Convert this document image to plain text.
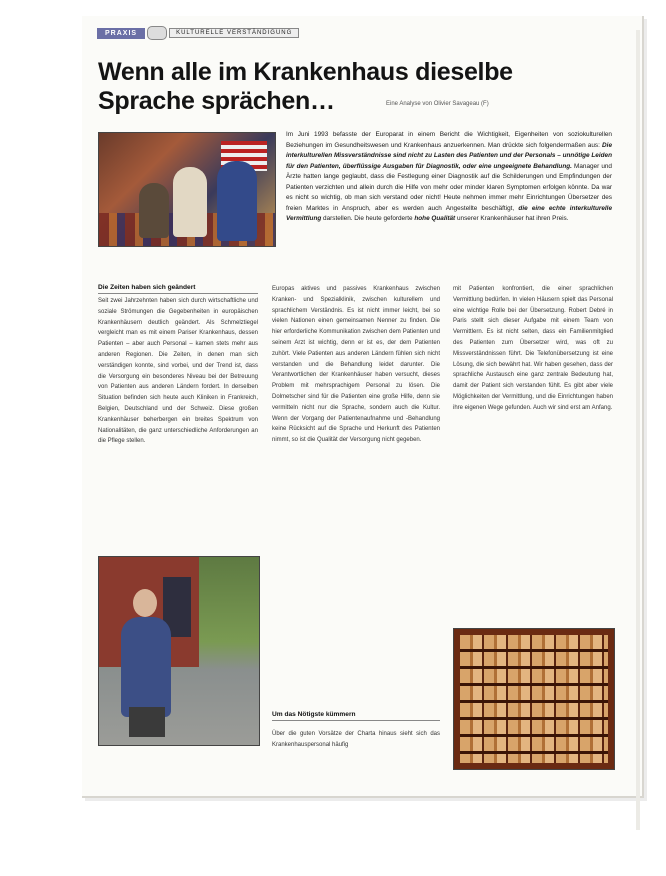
PRAXIS	KULTURELLE VERSTÄNDIGUNG
Wenn alle im Krankenhaus dieselbe
Sprache sprächen…	Eine Analyse von Olivier Savageau (F)
Im Juni 1993 befasste der Europarat in einem Bericht die Wichtigkeit, Eigenheiten von soziokulturellen Beziehungen im Gesundheitswesen und Krankenhaus anzuerkennen. Man drückte sich folgendermaßen aus: Die interkulturellen Missverständnisse sind nicht zu Lasten des Patienten und der Personals – unnötige Leiden für den Patienten, überflüssige Ausgaben für Diagnostik, oder eine ungeeignete Behandlung. Manager und Ärzte hatten lange geglaubt, dass die Festlegung einer Diagnostik auf die Schilderungen und Empfindungen der Patienten verzichten und allein durch die Hilfe von mehr oder minder klaren Symptomen erfolgen könnte. Da war es nicht so wichtig, ob man sich verstand oder nicht! Heute nehmen immer mehr Einrichtungen Übersetzer des freien Marktes in Anspruch, aber es werden auch Angestellte beschäftigt, die eine echte interkulturelle Vermittlung darstellen. Die heute geforderte hohe Qualität unserer Krankenhäuser hat ihren Preis.
Die Zeiten haben sich geändert
Seit zwei Jahrzehnten haben sich durch wirtschaftliche und soziale Strömungen die Gegebenheiten in europäischen Krankenhäusern deutlich geändert. Als Schmelztiegel vergleicht man es mit einem Pariser Krankenhaus, dessen Patienten – aber auch Personal – kamen stets mehr aus anderen Regionen. Die Zeiten, in denen man sich verständigen konnte, sind vorbei, und der Trend ist, dass die Versorgung ein besonderes Niveau bei der Betreuung von Patienten aus anderen Ländern fordert. In derselben Situation befinden sich heute auch Kliniken in Frankreich, Belgien, Deutschland und der Schweiz. Diese großen Krankenhäuser beherbergen ein breites Spektrum von Nationalitäten, die ganz unterschiedliche Anforderungen an die Pflege stellen.
Europas aktives und passives Krankenhaus zwischen Kranken- und Spezialklinik, zwischen kulturellem und sprachlichem Verständnis. Es ist nicht immer leicht, bei so vielen Nationen einen gemeinsamen Nenner zu finden. Die hier erforderliche Kommunikation zwischen dem Patienten und seinem Arzt ist wichtig, denn er ist es, der dem Patienten zuhört. Viele Patienten aus anderen Ländern fühlen sich nicht verstanden und die Behandlung leidet darunter. Die Verantwortlichen der Krankenhäuser haben versucht, dieses Problem mit mehrsprachigem Personal zu lösen. Die Dolmetscher sind für die Patienten eine große Hilfe, denn sie vermitteln nicht nur die Sprache, sondern auch die Kultur. Wenn der Vorgang der Patientenaufnahme und -Behandlung keine Rücksicht auf die Sprache und Herkunft des Patienten nimmt, so ist die Qualität der Versorgung nicht gegeben.
Um das Nötigste kümmern
Über die guten Vorsätze der Charta hinaus sieht sich das Krankenhauspersonal häufig
mit Patienten konfrontiert, die einer sprachlichen Vermittlung bedürfen. In vielen Häusern spielt das Personal eine wichtige Rolle bei der Übersetzung. Robert Debré in Paris stellt sich dieser Aufgabe mit einem Team von Vermittlern. Es ist nicht selten, dass ein Familienmitglied des Patienten zum Übersetzer wird, was oft zu Missverständnissen führt. Die Telefonübersetzung ist eine Lösung, die sich bewährt hat. Wir haben gesehen, dass der sprachliche Austausch eine ganz zentrale Bedeutung hat, damit der Patient sich verstanden fühlt. Es gibt aber viele Möglichkeiten der Vermittlung, und die Einrichtungen haben ihre eigenen Wege gefunden. Auch wir sind erst am Anfang.
